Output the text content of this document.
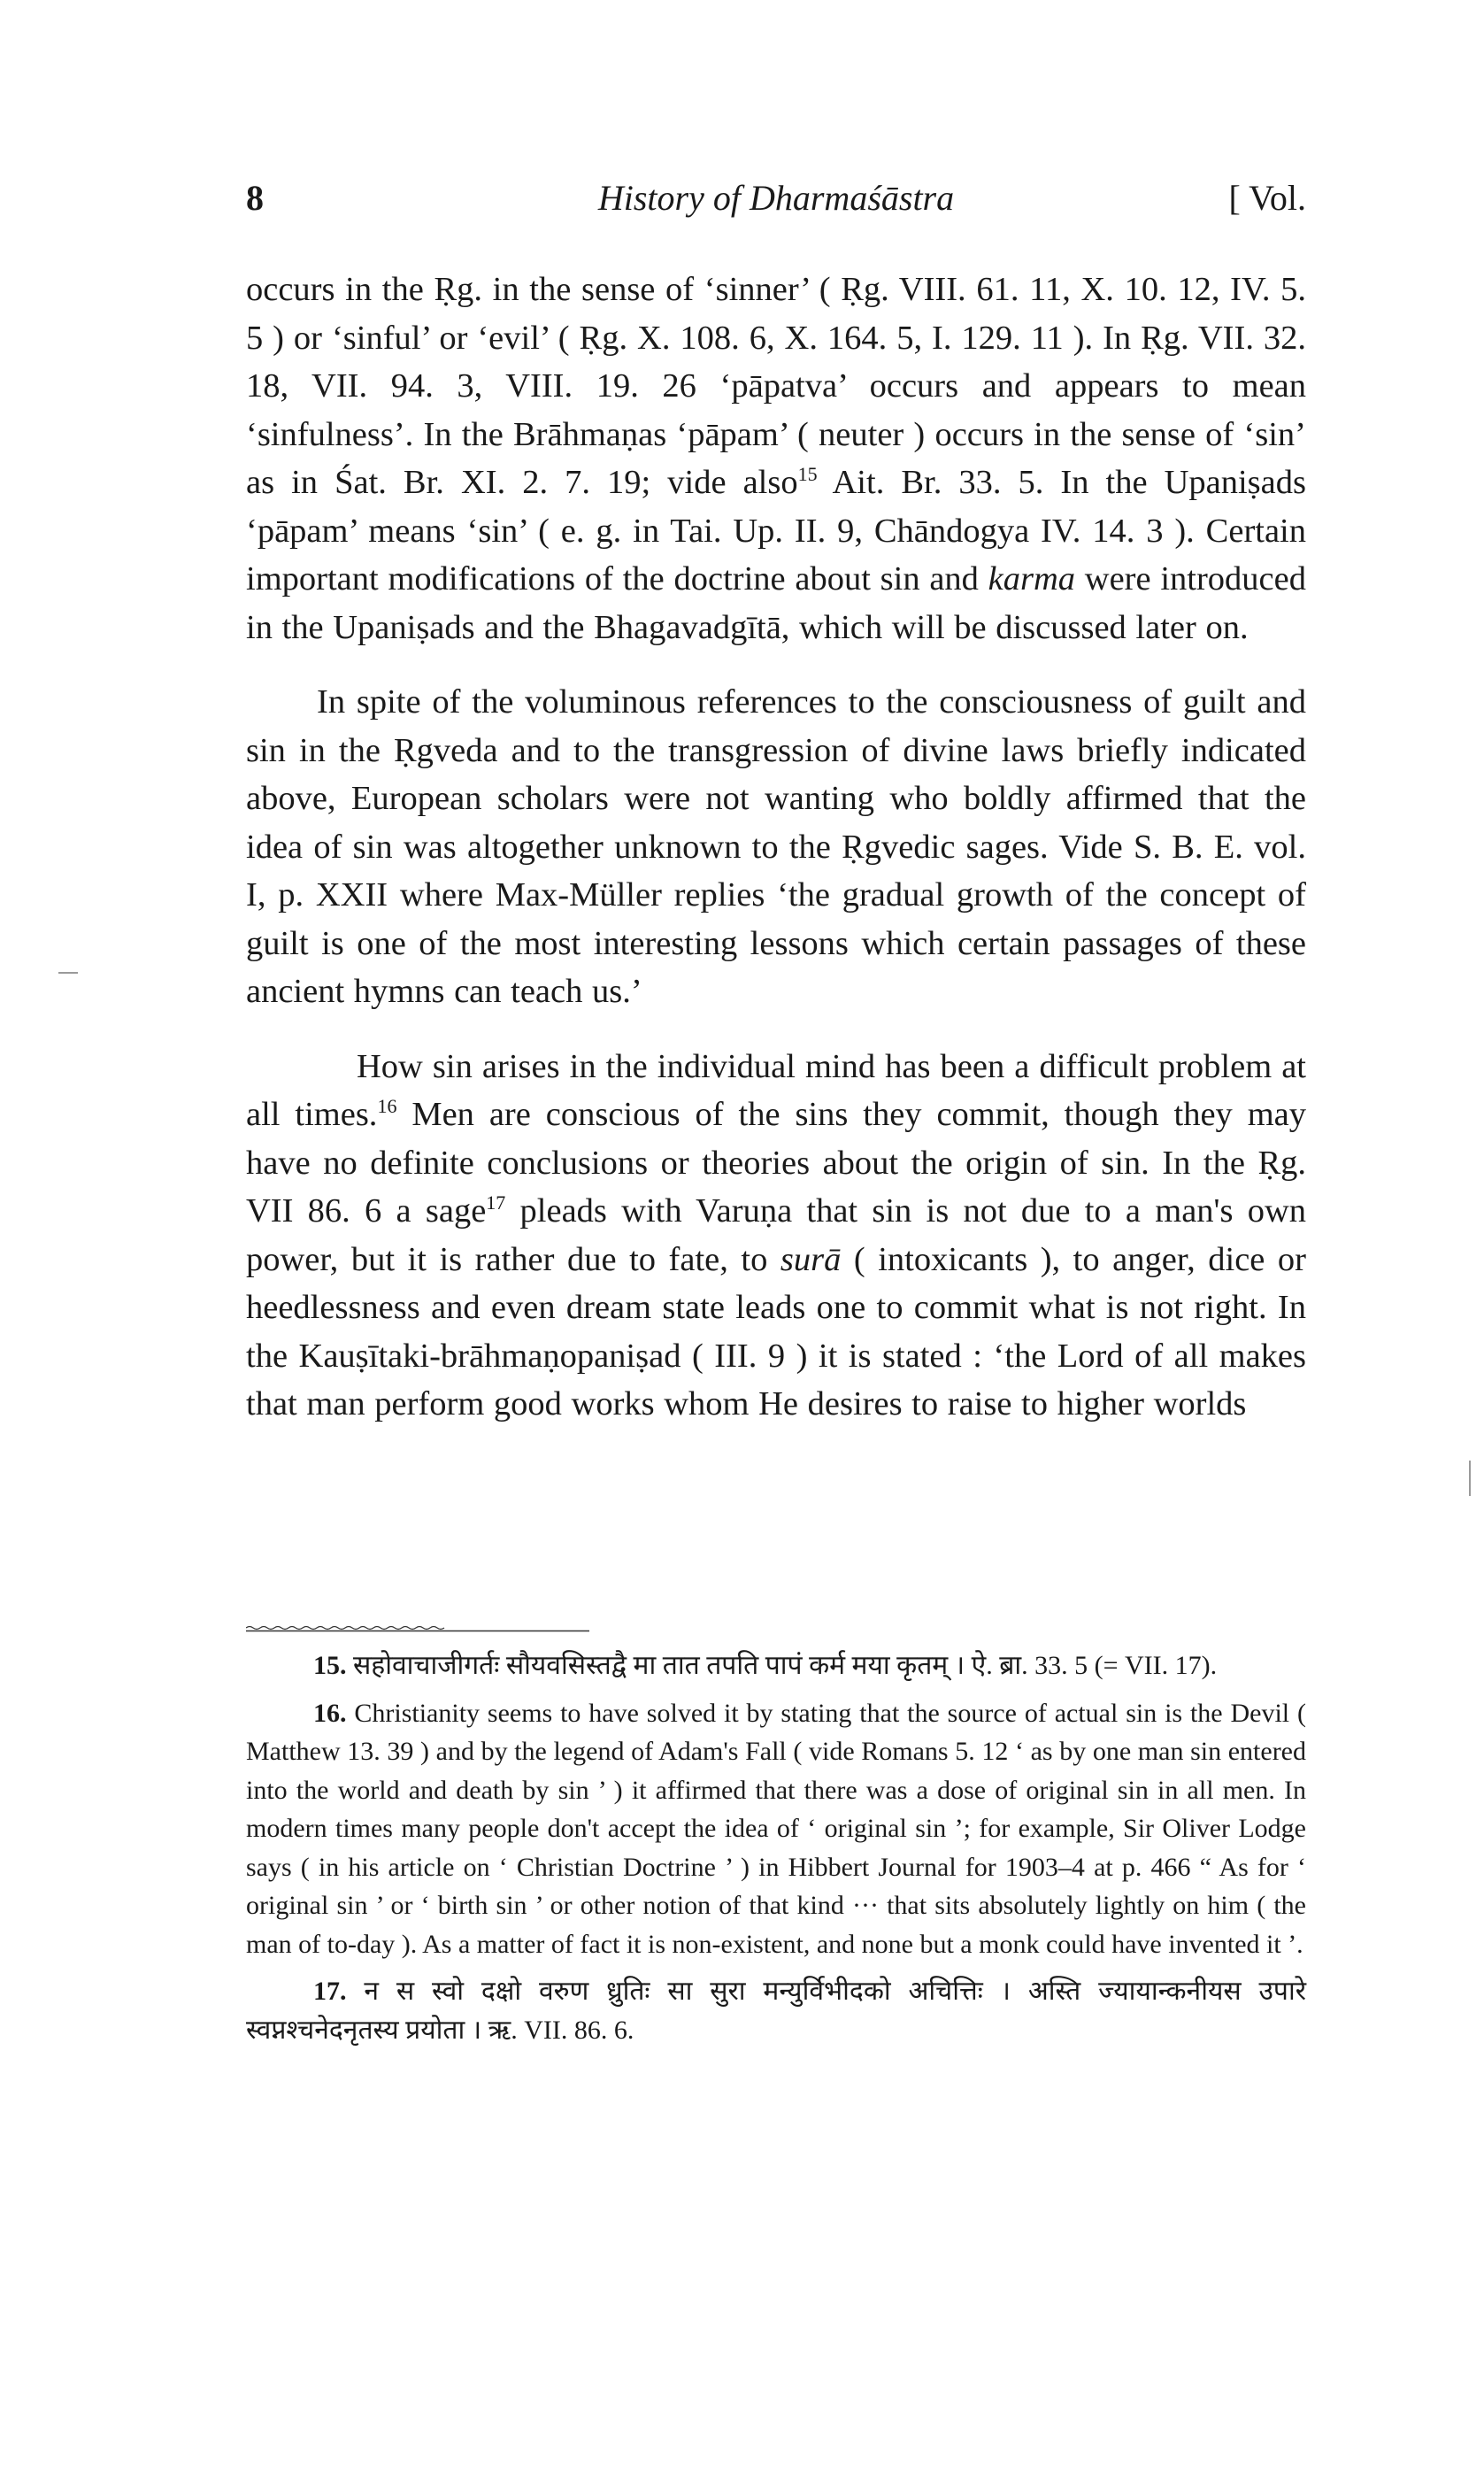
8	History of Dharmaśāstra	[ Vol.

occurs in the Ṛg. in the sense of ‘sinner’ ( Ṛg. VIII. 61. 11, X. 10. 12, IV. 5. 5 ) or ‘sinful’ or ‘evil’ ( Ṛg. X. 108. 6, X. 164. 5, I. 129. 11 ). In Ṛg. VII. 32. 18, VII. 94. 3, VIII. 19. 26 ‘pāpatva’ occurs and appears to mean ‘sinfulness’. In the Brāhmaṇas ‘pāpam’ ( neuter ) occurs in the sense of ‘sin’ as in Śat. Br. XI. 2. 7. 19; vide also$^{15}$ Ait. Br. 33. 5. In the Upaniṣads ‘pāpam’ means ‘sin’ ( e. g. in Tai. Up. II. 9, Chāndogya IV. 14. 3 ). Certain important modifications of the doctrine about sin and karma were introduced in the Upaniṣads and the Bhagavadgītā, which will be discussed later on.

In spite of the voluminous references to the consciousness of guilt and sin in the Ṛgveda and to the transgression of divine laws briefly indicated above, European scholars were not wanting who boldly affirmed that the idea of sin was altogether unknown to the Ṛgvedic sages. Vide S. B. E. vol. I, p. XXII where Max-Müller replies ‘the gradual growth of the concept of guilt is one of the most interesting lessons which certain passages of these ancient hymns can teach us.’

How sin arises in the individual mind has been a difficult problem at all times.$^{16}$ Men are conscious of the sins they commit, though they may have no definite conclusions or theories about the origin of sin. In the Ṛg. VII 86. 6 a sage$^{17}$ pleads with Varuṇa that sin is not due to a man's own power, but it is rather due to fate, to surā ( intoxicants ), to anger, dice or heedlessness and even dream state leads one to commit what is not right. In the Kauṣītaki-brāhmaṇopaniṣad ( III. 9 ) it is stated : ‘the Lord of all makes that man perform good works whom He desires to raise to higher worlds

15. सहोवाचाजीगर्तः सौयवसिस्तद्वै मा तात तपति पापं कर्म मया कृतम् । ऐ. ब्रा. 33. 5 (= VII. 17).

16. Christianity seems to have solved it by stating that the source of actual sin is the Devil ( Matthew 13. 39 ) and by the legend of Adam's Fall ( vide Romans 5. 12 ‘ as by one man sin entered into the world and death by sin ’ ) it affirmed that there was a dose of original sin in all men. In modern times many people don't accept the idea of ‘ original sin ’; for example, Sir Oliver Lodge says ( in his article on ‘ Christian Doctrine ’ ) in Hibbert Journal for 1903–4 at p. 466 “ As for ‘ original sin ’ or ‘ birth sin ’ or other notion of that kind ··· that sits absolutely lightly on him ( the man of to-day ). As a matter of fact it is non-existent, and none but a monk could have invented it ’.

17. न स स्वो दक्षो वरुण ध्रुतिः सा सुरा मन्युर्विभीदको अचित्तिः । अस्ति ज्यायान्कनीयस उपारे स्वप्नश्चनेदनृतस्य प्रयोता । ऋ. VII. 86. 6.
